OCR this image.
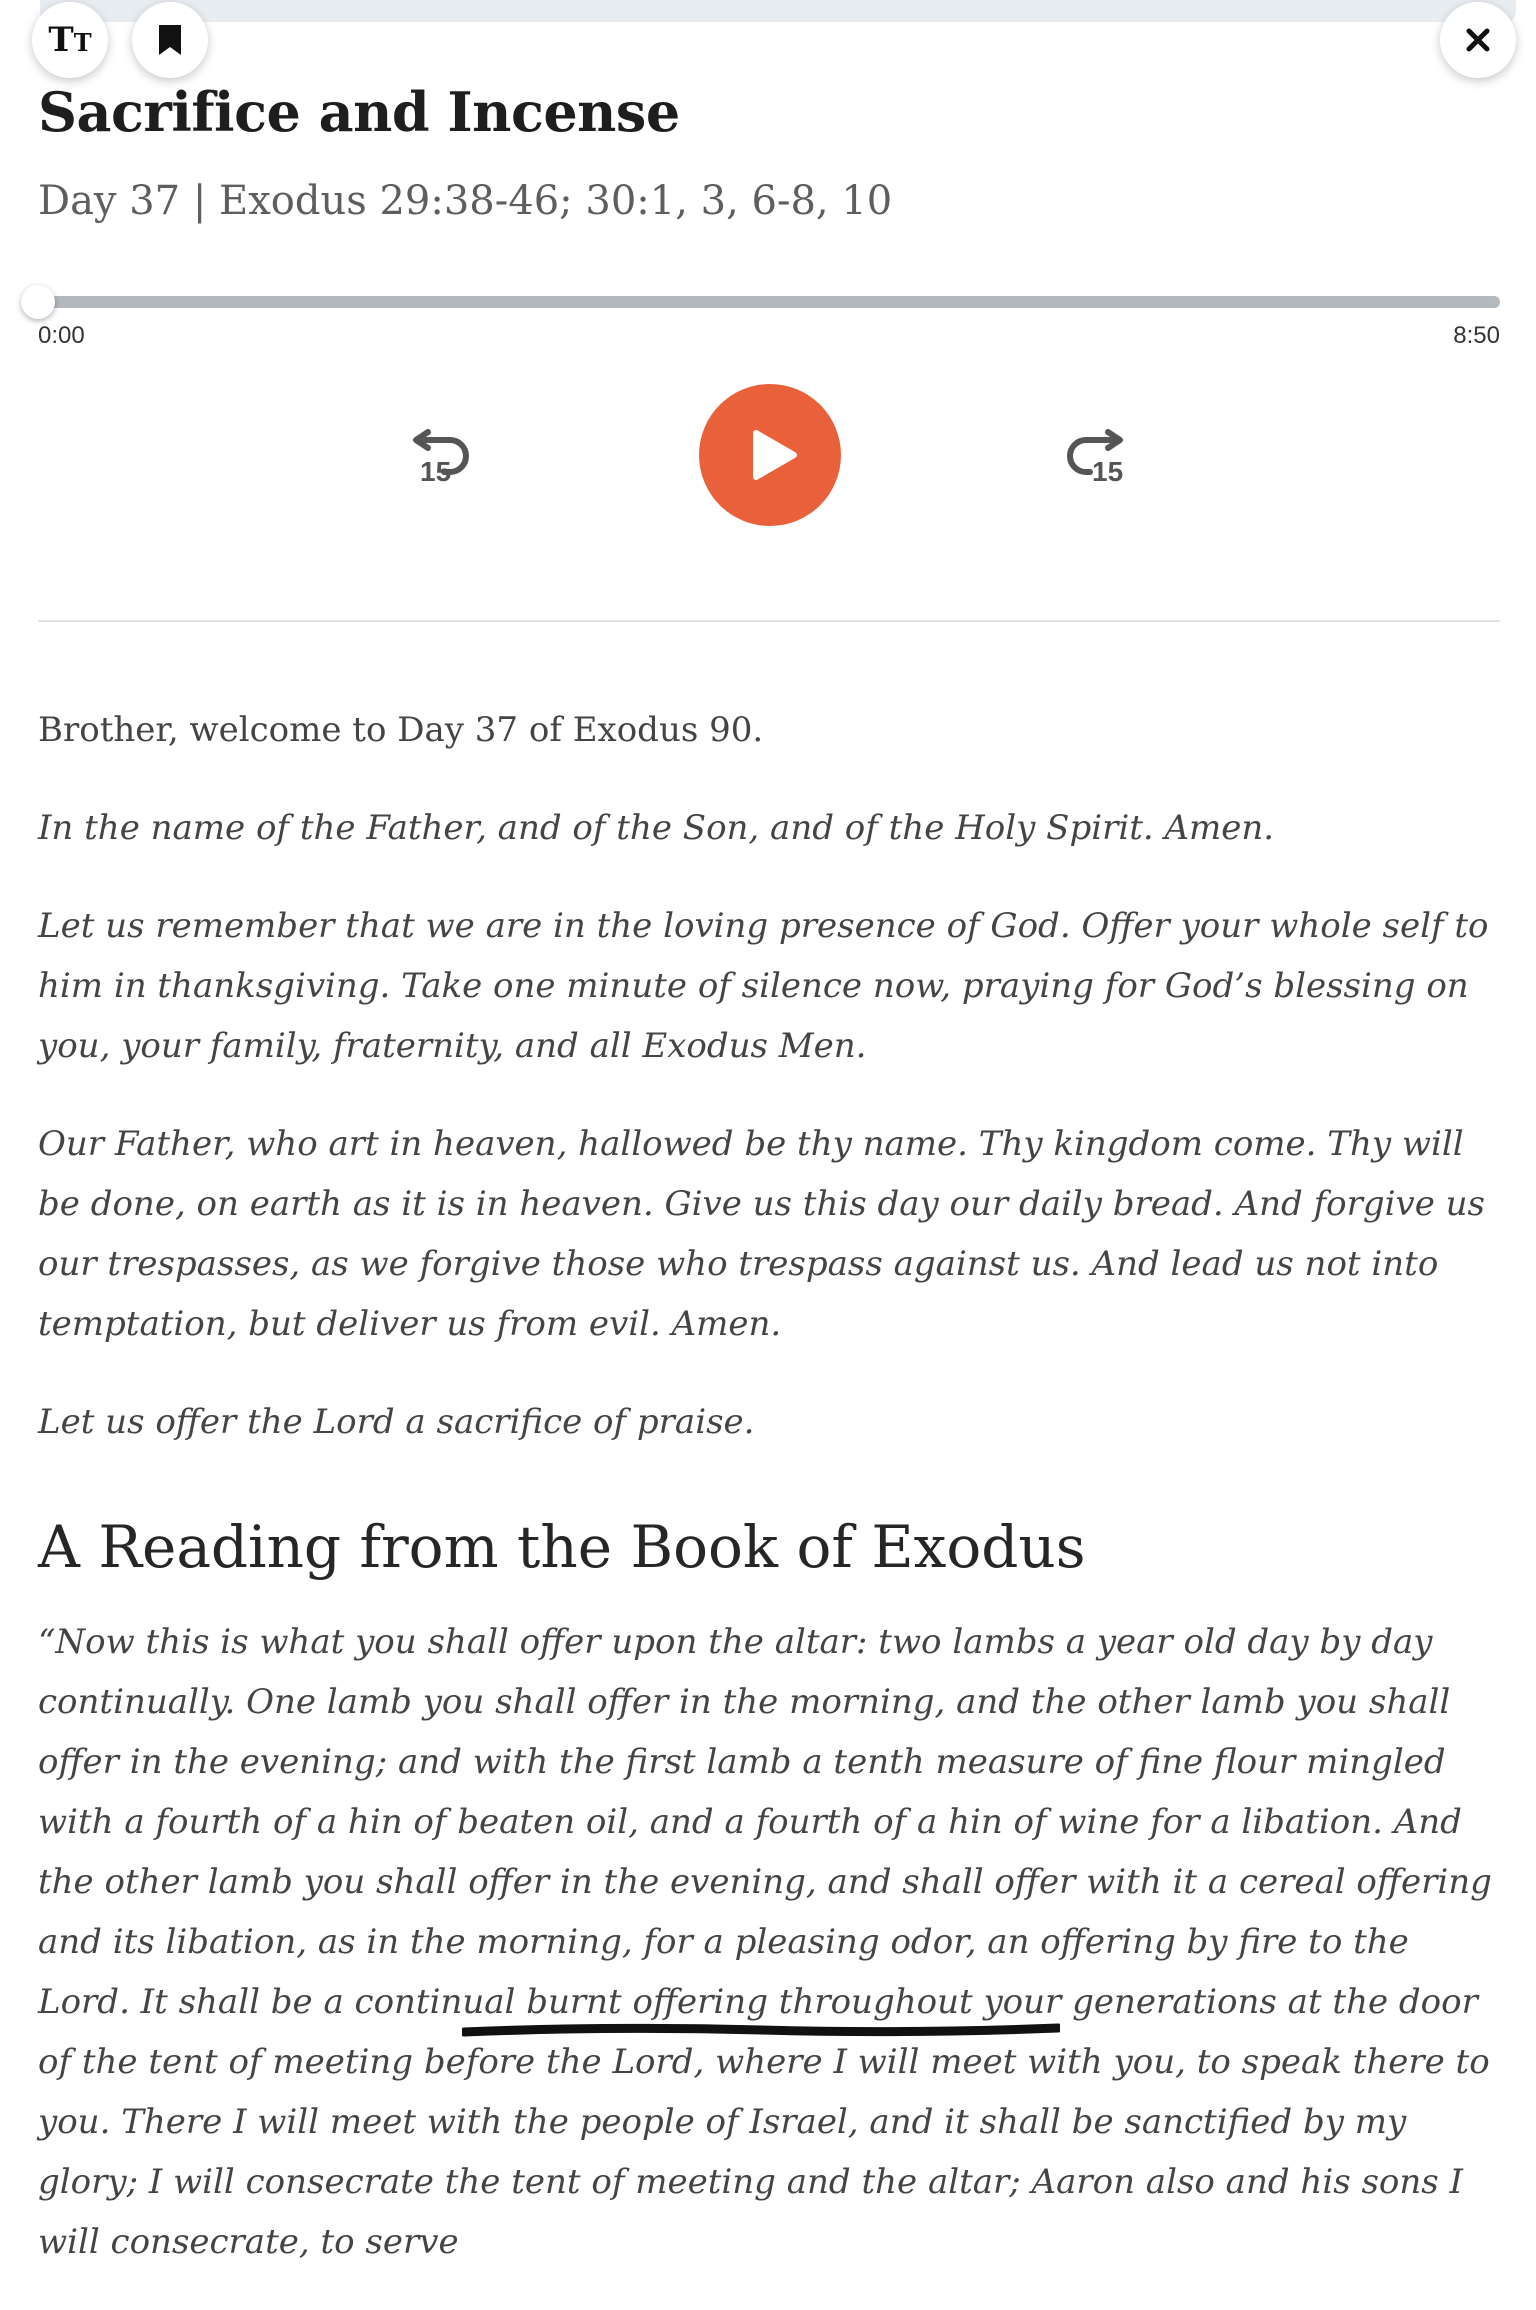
TT
Sacrifice and Incense

Day 37 | Exodus 29:38-46; 30:1, 3, 6-8, 10

0:00	8:50
15	15

Brother, welcome to Day 37 of Exodus 90.

In the name of the Father, and of the Son, and of the Holy Spirit. Amen.

Let us remember that we are in the loving presence of God. Offer your whole self to him in thanksgiving. Take one minute of silence now, praying for God’s blessing on you, your family, fraternity, and all Exodus Men.

Our Father, who art in heaven, hallowed be thy name. Thy kingdom come. Thy will be done, on earth as it is in heaven. Give us this day our daily bread. And forgive us our trespasses, as we forgive those who trespass against us. And lead us not into temptation, but deliver us from evil. Amen.

Let us offer the Lord a sacrifice of praise.

A Reading from the Book of Exodus

“Now this is what you shall offer upon the altar: two lambs a year old day by day continually. One lamb you shall offer in the morning, and the other lamb you shall offer in the evening; and with the first lamb a tenth measure of fine flour mingled with a fourth of a hin of beaten oil, and a fourth of a hin of wine for a libation. And the other lamb you shall offer in the evening, and shall offer with it a cereal offering and its libation, as in the morning, for a pleasing odor, an offering by fire to the Lord. It shall be a continual burnt offering throughout your generations at the door of the tent of meeting before the Lord, where I will meet with you, to speak there to you. There I will meet with the people of Israel, and it shall be sanctified by my glory; I will consecrate the tent of meeting and the altar; Aaron also and his sons I will consecrate, to serve
